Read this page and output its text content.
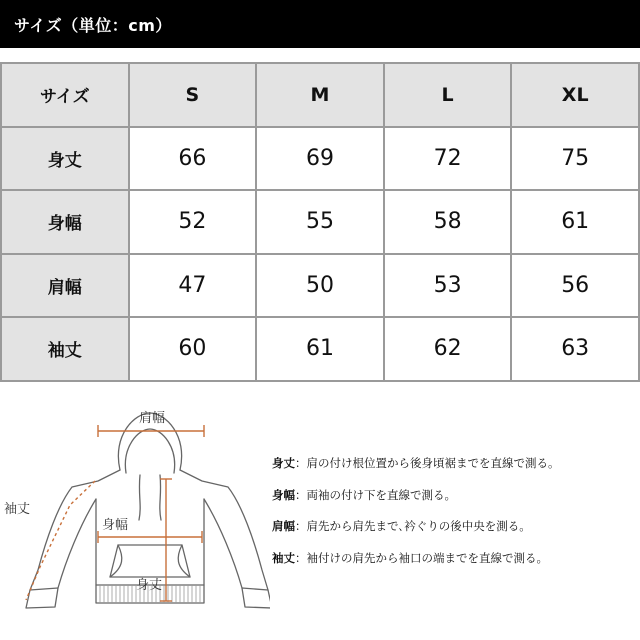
サイズ（単位：cm）
サイズ	S	M	L	XL
身丈	66	69	72	75
身幅	52	55	58	61
肩幅	47	50	53	56
袖丈	60	61	62	63
肩幅
袖丈
身幅
身丈
身丈：肩の付け根位置から後身頃裾までを直線で測る。
身幅：両袖の付け下を直線で測る。
肩幅：肩先から肩先まで､衿ぐりの後中央を測る。
袖丈：袖付けの肩先から袖口の端までを直線で測る。
